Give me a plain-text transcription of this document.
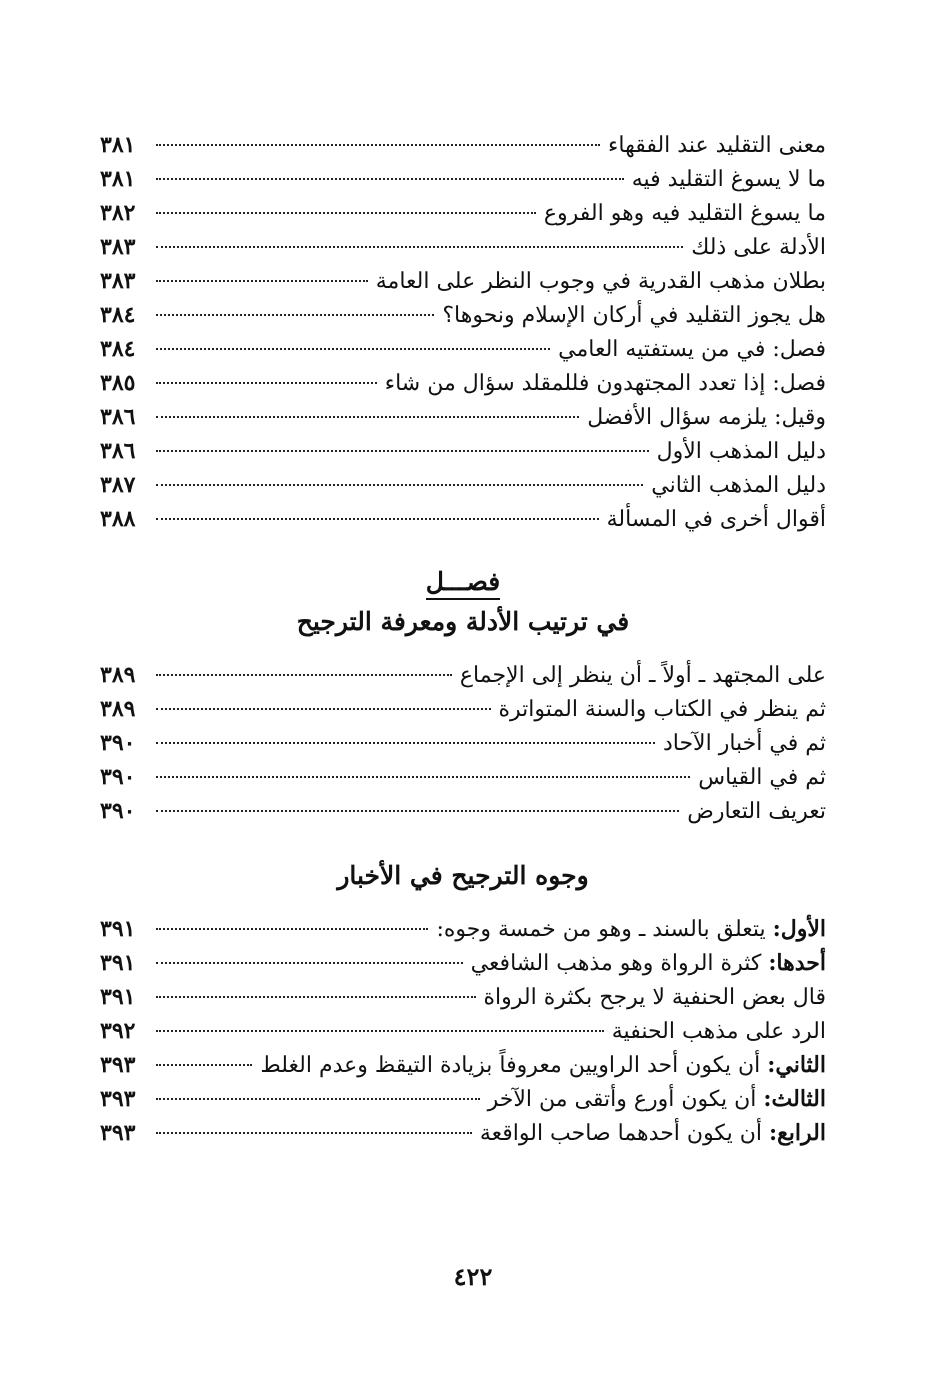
معنى التقليد عند الفقهاء
٣٨١
ما لا يسوغ التقليد فيه
٣٨١
ما يسوغ التقليد فيه وهو الفروع
٣٨٢
الأدلة على ذلك
٣٨٣
بطلان مذهب القدرية في وجوب النظر على العامة
٣٨٣
هل يجوز التقليد في أركان الإسلام ونحوها؟
٣٨٤
فصل: في من يستفتيه العامي
٣٨٤
فصل: إذا تعدد المجتهدون فللمقلد سؤال من شاء
٣٨٥
وقيل: يلزمه سؤال الأفضل
٣٨٦
دليل المذهب الأول
٣٨٦
دليل المذهب الثاني
٣٨٧
أقوال أخرى في المسألة
٣٨٨
فصـــل
في ترتيب الأدلة ومعرفة الترجيح
على المجتهد ـ أولاً ـ أن ينظر إلى الإجماع
٣٨٩
ثم ينظر في الكتاب والسنة المتواترة
٣٨٩
ثم في أخبار الآحاد
٣٩٠
ثم في القياس
٣٩٠
تعريف التعارض
٣٩٠
وجوه الترجيح في الأخبار
الأول: يتعلق بالسند ـ وهو من خمسة وجوه:
٣٩١
أحدها: كثرة الرواة وهو مذهب الشافعي
٣٩١
قال بعض الحنفية لا يرجح بكثرة الرواة
٣٩١
الرد على مذهب الحنفية
٣٩٢
الثاني: أن يكون أحد الراويين معروفاً بزيادة التيقظ وعدم الغلط
٣٩٣
الثالث: أن يكون أورع وأتقى من الآخر
٣٩٣
الرابع: أن يكون أحدهما صاحب الواقعة
٣٩٣
٤٢٢
